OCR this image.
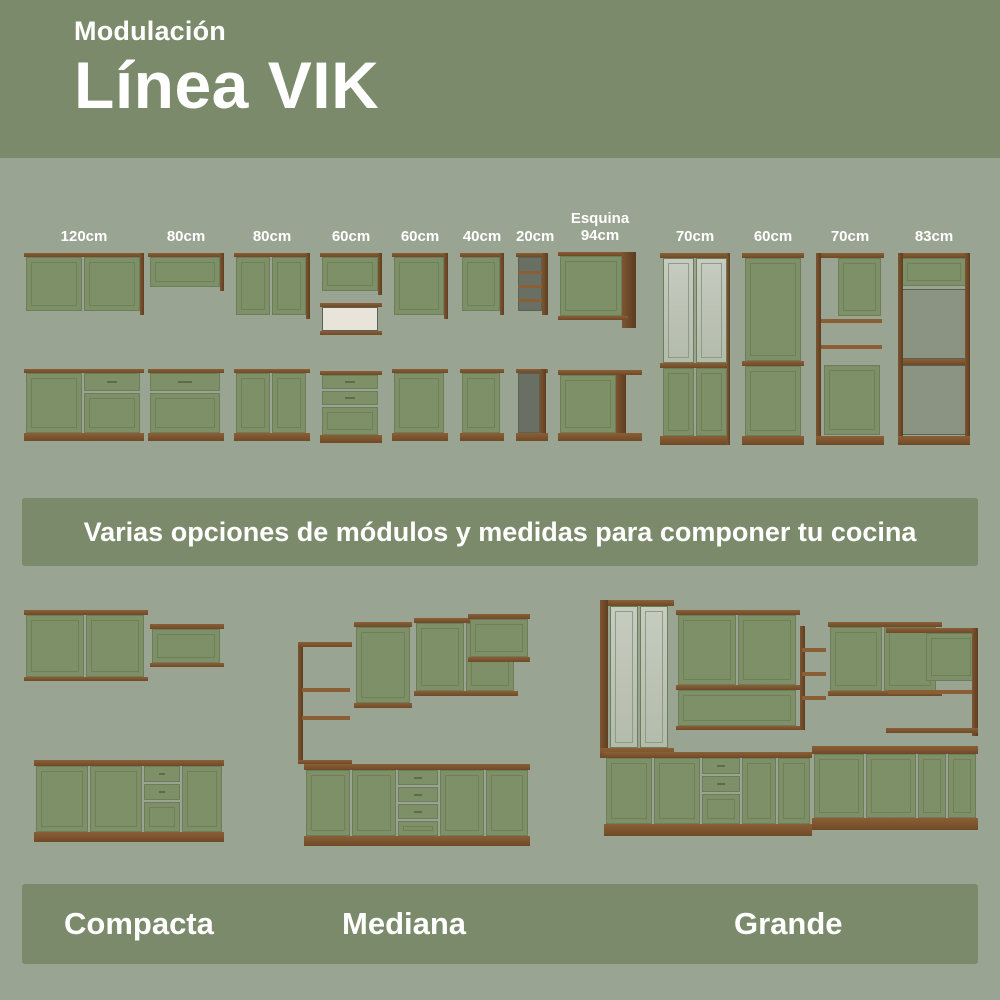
Modulación
Línea VIK
120cm	80cm	80cm	60cm	60cm	40cm 20cm
Esquina
94cm	70cm	60cm	70cm	83cm
Varias opciones de módulos y medidas para componer tu cocina
Compacta	Mediana	Grande
